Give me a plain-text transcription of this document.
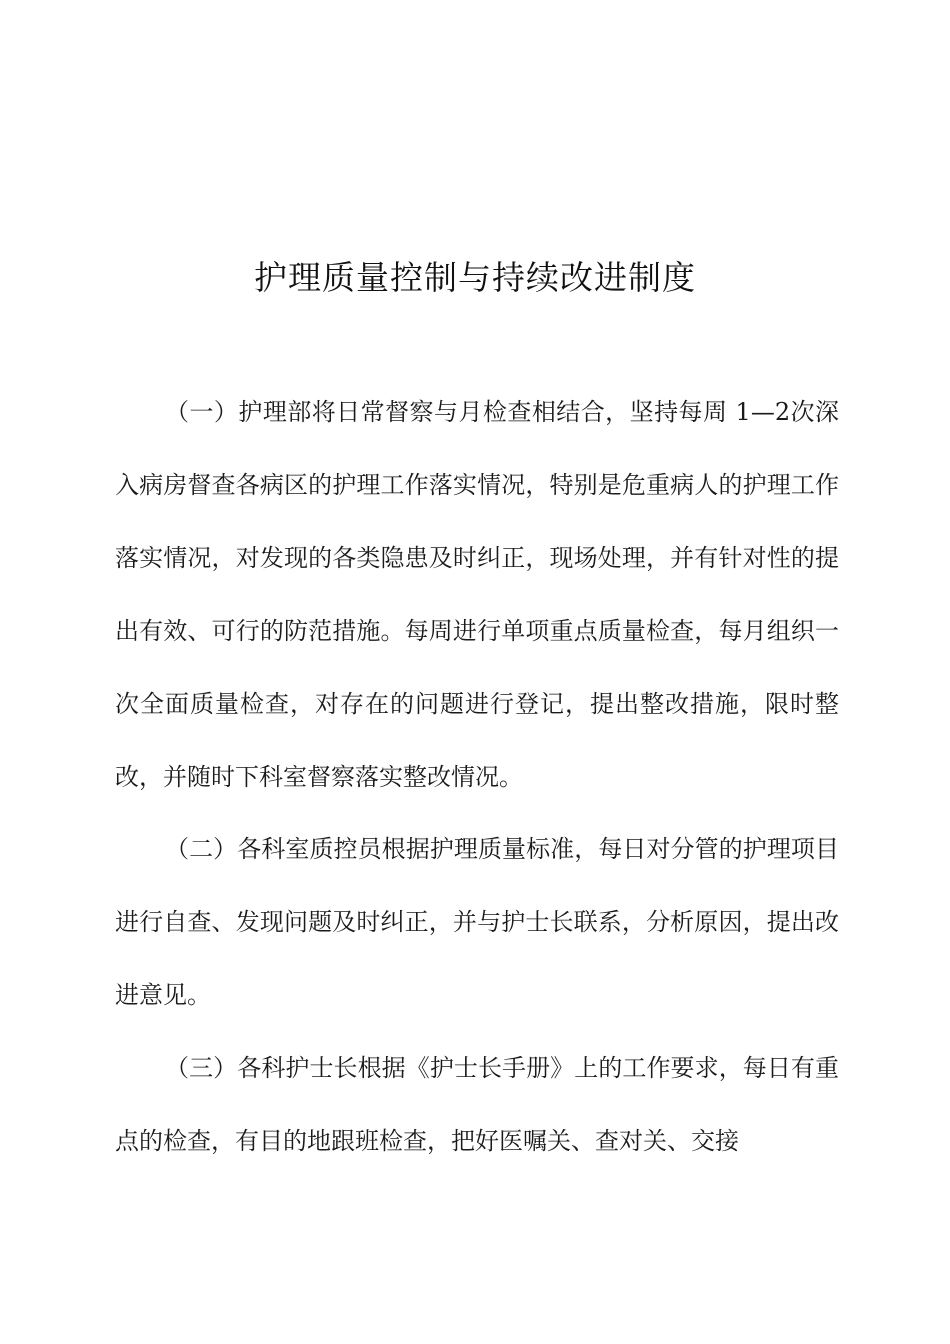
护理质量控制与持续改进制度

（一）护理部将日常督察与月检查相结合，坚持每周 1—2次深入病房督查各病区的护理工作落实情况，特别是危重病人的护理工作落实情况，对发现的各类隐患及时纠正，现场处理，并有针对性的提出有效、可行的防范措施。每周进行单项重点质量检查，每月组织一次全面质量检查，对存在的问题进行登记，提出整改措施，限时整改，并随时下科室督察落实整改情况。

（二）各科室质控员根据护理质量标准，每日对分管的护理项目进行自查、发现问题及时纠正，并与护士长联系，分析原因，提出改进意见。

（三）各科护士长根据《护士长手册》上的工作要求，每日有重点的检查，有目的地跟班检查，把好医嘱关、查对关、交接
